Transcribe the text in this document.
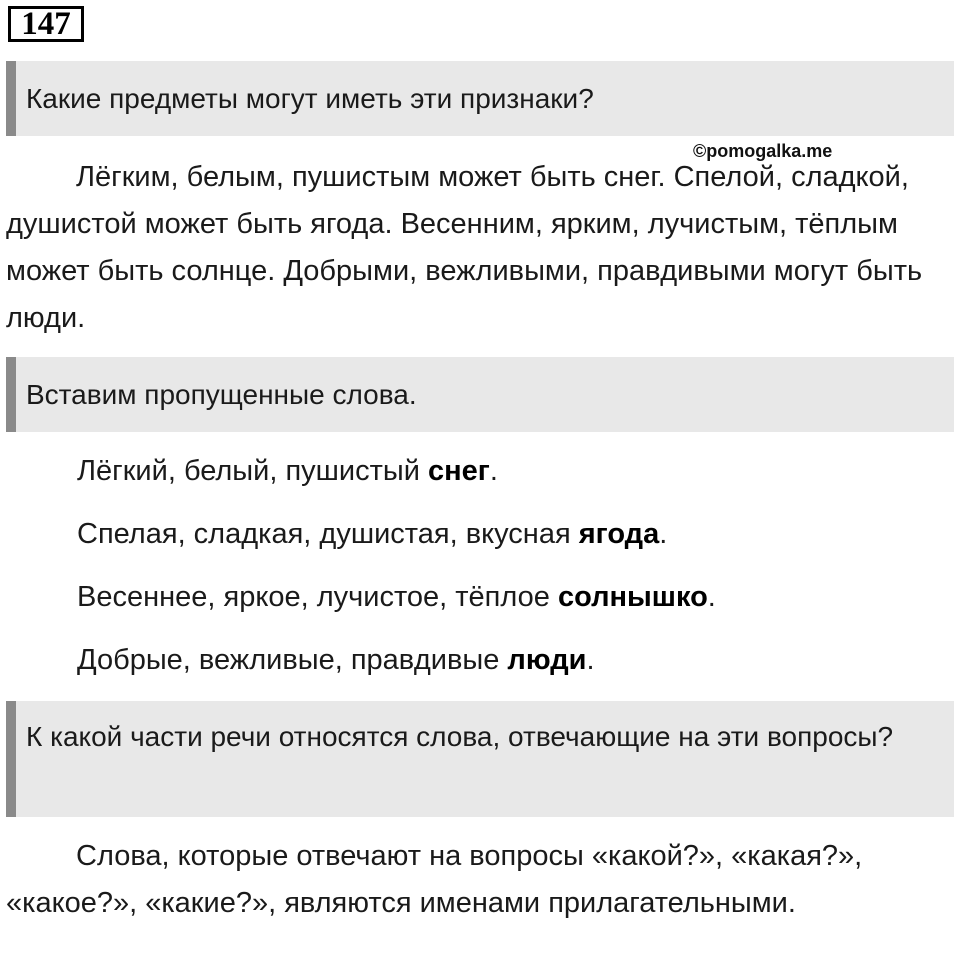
147
Какие предметы могут иметь эти признаки?
©pomogalka.me

Лёгким, белым, пушистым может быть снег. Спелой, сладкой, душистой может быть ягода. Весенним, ярким, лучистым, тёплым может быть солнце. Добрыми, вежливыми, правдивыми могут быть люди.

Вставим пропущенные слова.

Лёгкий, белый, пушистый снег.

Спелая, сладкая, душистая, вкусная ягода.

Весеннее, яркое, лучистое, тёплое солнышко.

Добрые, вежливые, правдивые люди.

К какой части речи относятся слова, отвечающие на эти вопросы?

Слова, которые отвечают на вопросы «какой?», «какая?», «какое?», «какие?», являются именами прилагательными.
